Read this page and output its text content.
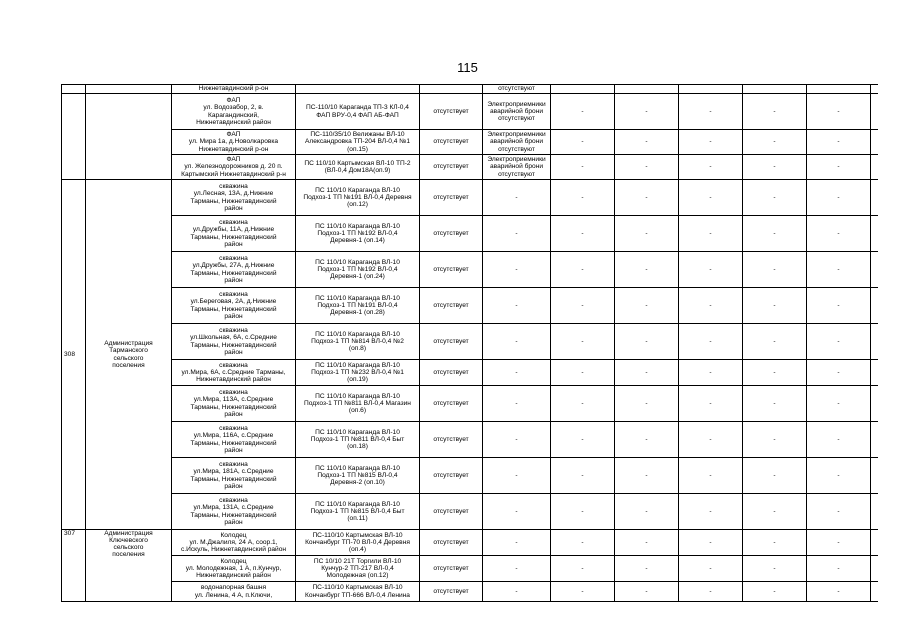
115
		Нижнетавдинский р-он			отсутствуют						
		ФАП
ул. Водозабор, 2, в.
Карагандинский,
Нижнетавдинский район	ПС-110/10 Караганда ТП-3 КЛ-0,4
ФАП ВРУ-0,4 ФАП АБ-ФАП	отсутствует	Электроприемники
аварийной брони
отсутствуют	-	-	-	-	-	
		ФАП
ул. Мира 1а, д.Новолкаровка
Нижнетавдинский р-он	ПС-110/35/10 Велижаны ВЛ-10
Александровка ТП-204 ВЛ-0,4 №1
(оп.15)	отсутствует	Электроприемники
аварийной брони
отсутствуют	-	-	-	-	-	
		ФАП
ул. Железнодорожников д. 20 п.
Картымский Нижнетавдинский р-н	ПС 110/10 Картымская ВЛ-10 ТП-2
(ВЛ-0,4 Дом18А(оп.9)	отсутствует	Электроприемники
аварийной брони
отсутствуют	-	-	-	-	-	
308	Администрация
Тарманского
сельского
поселения	скважина
ул.Лесная, 13А, д.Нижние
Тарманы, Нижнетавдинский
район	ПС 110/10 Караганда ВЛ-10
Подхоз-1 ТП №191 ВЛ-0,4 Деревня
(оп.12)	отсутствует	-	-	-	-	-	-	
		скважина
ул.Дружбы, 11А, д.Нижние
Тарманы, Нижнетавдинский
район	ПС 110/10 Караганда ВЛ-10
Подхоз-1 ТП №192 ВЛ-0,4
Деревня-1 (оп.14)	отсутствует	-	-	-	-	-	-	
		скважина
ул.Дружбы, 27А, д.Нижние
Тарманы, Нижнетавдинский
район	ПС 110/10 Караганда ВЛ-10
Подхоз-1 ТП №192 ВЛ-0,4
Деревня-1 (оп.24)	отсутствует	-	-	-	-	-	-	
		скважина
ул.Береговая, 2А, д.Нижние
Тарманы, Нижнетавдинский
район	ПС 110/10 Караганда ВЛ-10
Подхоз-1 ТП №191 ВЛ-0,4
Деревня-1 (оп.28)	отсутствует	-	-	-	-	-	-	
		скважина
ул.Школьная, 6А, с.Средние
Тарманы, Нижнетавдинский
район	ПС 110/10 Караганда ВЛ-10
Подхоз-1 ТП №814 ВЛ-0,4 №2
(оп.8)	отсутствует	-	-	-	-	-	-	
		скважина
ул.Мира, 6А, с.Средние Тарманы,
Нижнетавдинский район	ПС 110/10 Караганда ВЛ-10
Подхоз-1 ТП №232 ВЛ-0,4 №1
(оп.19)	отсутствует	-	-	-	-	-	-	
		скважина
ул.Мира, 113А, с.Средние
Тарманы, Нижнетавдинский
район	ПС 110/10 Караганда ВЛ-10
Подхоз-1 ТП №811 ВЛ-0,4 Магазин
(оп.6)	отсутствует	-	-	-	-	-	-	
		скважина
ул.Мира, 116А, с.Средние
Тарманы, Нижнетавдинский
район	ПС 110/10 Караганда ВЛ-10
Подхоз-1 ТП №811 ВЛ-0,4 Быт
(оп.18)	отсутствует	-	-	-	-	-	-	
		скважина
ул.Мира, 181А, с.Средние
Тарманы, Нижнетавдинский
район	ПС 110/10 Караганда ВЛ-10
Подхоз-1 ТП №815 ВЛ-0,4
Деревня-2 (оп.10)	отсутствует	-	-	-	-	-	-	
		скважина
ул.Мира, 131А, с.Средние
Тарманы, Нижнетавдинский
район	ПС 110/10 Караганда ВЛ-10
Подхоз-1 ТП №815 ВЛ-0,4 Быт
(оп.11)	отсутствует	-	-	-	-	-	-	
307	Администрация
Ключевского
сельского
поселения	Колодец
ул. М.Джалиля, 24 А, соор.1,
с.Искуль, Нижнетавдинский район	ПС-110/10 Картымская ВЛ-10
Кончанбург ТП-70 ВЛ-0,4 Деревня
(оп.4)	отсутствует	-	-	-	-	-	-	
		Колодец
ул. Молодежная, 1 А, п.Кунчур,
Нижнетавдинский район	ПС 10/10 21Т Торгили ВЛ-10
Кунчур-2 ТП-217 ВЛ-0,4
Молодежная (оп.12)	отсутствует	-	-	-	-	-	-	
		водонапорная башня
ул. Ленина, 4 А, п.Ключи,	ПС-110/10 Картымская ВЛ-10
Кончанбург ТП-666 ВЛ-0,4 Ленина	отсутствует	-	-	-	-	-	-	
